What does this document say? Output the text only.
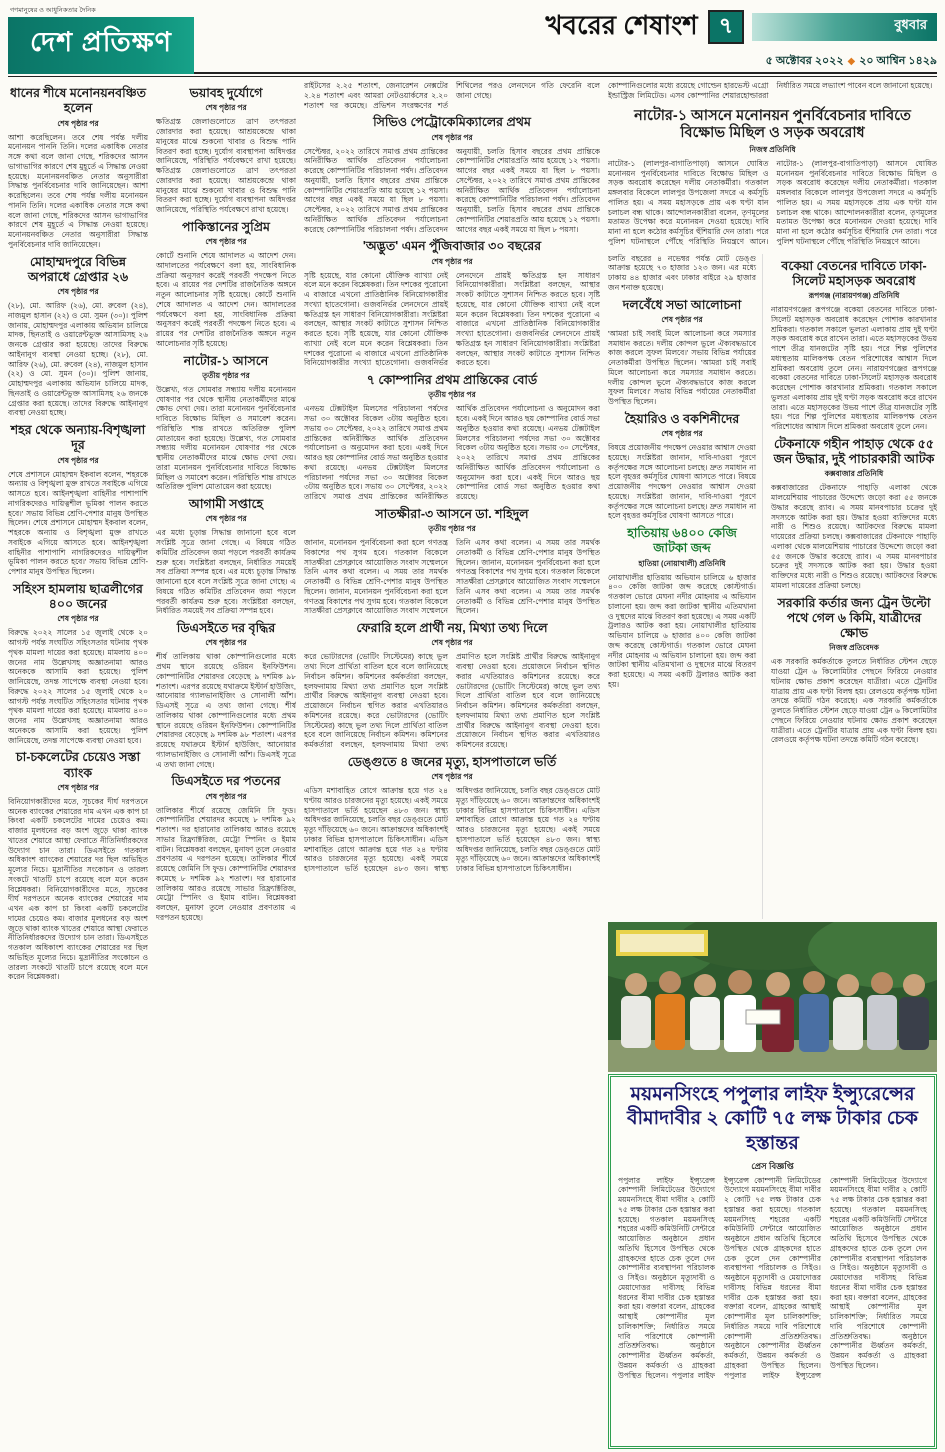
গণমানুষের ও আধুনিকতার দৈনিক
দেশ প্রতিক্ষণ
খবরের শেষাংশ ৭	বুধবার
৫ অক্টোবর ২০২২ ◆ ২০ আশ্বিন ১৪২৯
ধানের শীষে মনোনয়নবঞ্চিত হলেন
শেষ পৃষ্ঠার পর

আশা করেছিলেন। তবে শেষ পর্যন্ত দলীয় মনোনয়ন পাননি তিনি। দলের একাধিক নেতার সঙ্গে কথা বলে জানা গেছে, শরিকদের আসন ভাগাভাগির কারণে শেষ মুহূর্তে এ সিদ্ধান্ত নেওয়া হয়েছে। মনোনয়নবঞ্চিত নেতার অনুসারীরা সিদ্ধান্ত পুনর্বিবেচনার দাবি জানিয়েছেন। আশা করেছিলেন। তবে শেষ পর্যন্ত দলীয় মনোনয়ন পাননি তিনি। দলের একাধিক নেতার সঙ্গে কথা বলে জানা গেছে, শরিকদের আসন ভাগাভাগির কারণে শেষ মুহূর্তে এ সিদ্ধান্ত নেওয়া হয়েছে। মনোনয়নবঞ্চিত নেতার অনুসারীরা সিদ্ধান্ত পুনর্বিবেচনার দাবি জানিয়েছেন।

মোহাম্মদপুরে বিভিন্ন অপরাধে গ্রেপ্তার ২৬
শেষ পৃষ্ঠার পর

(২৮), মো. আরিফ (২৬), মো. রুবেল (২৪), নাজমুল হাসান (২২) ও মো. সুমন (৩০)। পুলিশ জানায়, মোহাম্মদপুর এলাকায় অভিযান চালিয়ে মাদক, ছিনতাই ও ওয়ারেন্টভুক্ত আসামিসহ ২৬ জনকে গ্রেপ্তার করা হয়েছে। তাদের বিরুদ্ধে আইনানুগ ব্যবস্থা নেওয়া হচ্ছে। (২৮), মো. আরিফ (২৬), মো. রুবেল (২৪), নাজমুল হাসান (২২) ও মো. সুমন (৩০)। পুলিশ জানায়, মোহাম্মদপুর এলাকায় অভিযান চালিয়ে মাদক, ছিনতাই ও ওয়ারেন্টভুক্ত আসামিসহ ২৬ জনকে গ্রেপ্তার করা হয়েছে। তাদের বিরুদ্ধে আইনানুগ ব্যবস্থা নেওয়া হচ্ছে।

শহর থেকে অন্যায়-বিশৃঙ্খলা দূর
শেষ পৃষ্ঠার পর

শেষে প্রশাসনে মোহাম্মদ ইকবাল বলেন, 'শহরকে অন্যায় ও বিশৃঙ্খলা মুক্ত রাখতে সবাইকে এগিয়ে আসতে হবে। আইনশৃঙ্খলা বাহিনীর পাশাপাশি নাগরিকদেরও দায়িত্বশীল ভূমিকা পালন করতে হবে।' সভায় বিভিন্ন শ্রেণি-পেশার মানুষ উপস্থিত ছিলেন। শেষে প্রশাসনে মোহাম্মদ ইকবাল বলেন, 'শহরকে অন্যায় ও বিশৃঙ্খলা মুক্ত রাখতে সবাইকে এগিয়ে আসতে হবে। আইনশৃঙ্খলা বাহিনীর পাশাপাশি নাগরিকদেরও দায়িত্বশীল ভূমিকা পালন করতে হবে।' সভায় বিভিন্ন শ্রেণি-পেশার মানুষ উপস্থিত ছিলেন।

সহিংস হামলায় ছাত্রলীগের ৪০০ জনের
শেষ পৃষ্ঠার পর

বিরুদ্ধে ২০২২ সালের ১৫ জুলাই থেকে ২০ আগস্ট পর্যন্ত সংঘটিত সহিংসতার ঘটনায় পৃথক পৃথক মামলা দায়ের করা হয়েছে। মামলায় ৪০০ জনের নাম উল্লেখসহ অজ্ঞাতনামা আরও অনেককে আসামি করা হয়েছে। পুলিশ জানিয়েছে, তদন্ত সাপেক্ষে ব্যবস্থা নেওয়া হবে। বিরুদ্ধে ২০২২ সালের ১৫ জুলাই থেকে ২০ আগস্ট পর্যন্ত সংঘটিত সহিংসতার ঘটনায় পৃথক পৃথক মামলা দায়ের করা হয়েছে। মামলায় ৪০০ জনের নাম উল্লেখসহ অজ্ঞাতনামা আরও অনেককে আসামি করা হয়েছে। পুলিশ জানিয়েছে, তদন্ত সাপেক্ষে ব্যবস্থা নেওয়া হবে।

চা-চকলেটের চেয়েও সস্তা ব্যাংক
শেষ পৃষ্ঠার পর

বিনিয়োগকারীদের মতে, সূচকের দীর্ঘ দরপতনে অনেক ব্যাংকের শেয়ারের দাম এখন এক কাপ চা কিংবা একটি চকলেটের দামের চেয়েও কম। বাজার মূলধনের বড় অংশ জুড়ে থাকা ব্যাংক খাতের শেয়ারে আস্থা ফেরাতে নীতিনির্ধারকদের উদ্যোগ চান তারা। ডিএসইতে গতকাল অধিকাংশ ব্যাংকের শেয়ারের দর ছিল অভিহিত মূল্যের নিচে। মুদ্রানীতির সংকোচন ও তারল্য সংকটে খাতটি চাপে রয়েছে বলে মনে করেন বিশ্লেষকরা। বিনিয়োগকারীদের মতে, সূচকের দীর্ঘ দরপতনে অনেক ব্যাংকের শেয়ারের দাম এখন এক কাপ চা কিংবা একটি চকলেটের দামের চেয়েও কম। বাজার মূলধনের বড় অংশ জুড়ে থাকা ব্যাংক খাতের শেয়ারে আস্থা ফেরাতে নীতিনির্ধারকদের উদ্যোগ চান তারা। ডিএসইতে গতকাল অধিকাংশ ব্যাংকের শেয়ারের দর ছিল অভিহিত মূল্যের নিচে। মুদ্রানীতির সংকোচন ও তারল্য সংকটে খাতটি চাপে রয়েছে বলে মনে করেন বিশ্লেষকরা।

ভয়াবহ দুর্যোগে
শেষ পৃষ্ঠার পর

ক্ষতিগ্রস্ত জেলাগুলোতে ত্রাণ তৎপরতা জোরদার করা হয়েছে। আশ্রয়কেন্দ্রে থাকা মানুষের মাঝে শুকনো খাবার ও বিশুদ্ধ পানি বিতরণ করা হচ্ছে। দুর্যোগ ব্যবস্থাপনা অধিদপ্তর জানিয়েছে, পরিস্থিতি পর্যবেক্ষণে রাখা হয়েছে। ক্ষতিগ্রস্ত জেলাগুলোতে ত্রাণ তৎপরতা জোরদার করা হয়েছে। আশ্রয়কেন্দ্রে থাকা মানুষের মাঝে শুকনো খাবার ও বিশুদ্ধ পানি বিতরণ করা হচ্ছে। দুর্যোগ ব্যবস্থাপনা অধিদপ্তর জানিয়েছে, পরিস্থিতি পর্যবেক্ষণে রাখা হয়েছে।

পাকিস্তানের সুপ্রিম
শেষ পৃষ্ঠার পর

কোর্টে শুনানি শেষে আদালত এ আদেশ দেন। আদালতের পর্যবেক্ষণে বলা হয়, সাংবিধানিক প্রক্রিয়া অনুসরণ করেই পরবর্তী পদক্ষেপ নিতে হবে। এ রায়ের পর দেশটির রাজনৈতিক অঙ্গনে নতুন আলোচনার সৃষ্টি হয়েছে। কোর্টে শুনানি শেষে আদালত এ আদেশ দেন। আদালতের পর্যবেক্ষণে বলা হয়, সাংবিধানিক প্রক্রিয়া অনুসরণ করেই পরবর্তী পদক্ষেপ নিতে হবে। এ রায়ের পর দেশটির রাজনৈতিক অঙ্গনে নতুন আলোচনার সৃষ্টি হয়েছে।

নাটোর-১ আসনে
তৃতীয় পৃষ্ঠার পর

উল্লেখ্য, গত সোমবার সন্ধ্যায় দলীয় মনোনয়ন ঘোষণার পর থেকে স্থানীয় নেতাকর্মীদের মাঝে ক্ষোভ দেখা দেয়। তারা মনোনয়ন পুনর্বিবেচনার দাবিতে বিক্ষোভ মিছিল ও সমাবেশ করেন। পরিস্থিতি শান্ত রাখতে অতিরিক্ত পুলিশ মোতায়েন করা হয়েছে। উল্লেখ্য, গত সোমবার সন্ধ্যায় দলীয় মনোনয়ন ঘোষণার পর থেকে স্থানীয় নেতাকর্মীদের মাঝে ক্ষোভ দেখা দেয়। তারা মনোনয়ন পুনর্বিবেচনার দাবিতে বিক্ষোভ মিছিল ও সমাবেশ করেন। পরিস্থিতি শান্ত রাখতে অতিরিক্ত পুলিশ মোতায়েন করা হয়েছে।

আগামী সপ্তাহে
শেষ পৃষ্ঠার পর

এর মধ্যে চূড়ান্ত সিদ্ধান্ত জানানো হবে বলে সংশ্লিষ্ট সূত্রে জানা গেছে। এ বিষয়ে গঠিত কমিটির প্রতিবেদন জমা পড়লে পরবর্তী কার্যক্রম শুরু হবে। সংশ্লিষ্টরা বলছেন, নির্ধারিত সময়েই সব প্রক্রিয়া সম্পন্ন হবে। এর মধ্যে চূড়ান্ত সিদ্ধান্ত জানানো হবে বলে সংশ্লিষ্ট সূত্রে জানা গেছে। এ বিষয়ে গঠিত কমিটির প্রতিবেদন জমা পড়লে পরবর্তী কার্যক্রম শুরু হবে। সংশ্লিষ্টরা বলছেন, নির্ধারিত সময়েই সব প্রক্রিয়া সম্পন্ন হবে।

ডিএসইতে দর বৃদ্ধির
শেষ পৃষ্ঠার পর

শীর্ষ তালিকায় থাকা কোম্পানিগুলোর মধ্যে প্রথম স্থানে রয়েছে ওরিয়ন ইনফিউশন। কোম্পানিটির শেয়ারদর বেড়েছে ৯ দশমিক ৯৮ শতাংশ। এরপর রয়েছে যথাক্রমে ইস্টার্ন হাউজিং, আনোয়ার গ্যালভানাইজিং ও সোনালী আঁশ। ডিএসই সূত্রে এ তথ্য জানা গেছে। শীর্ষ তালিকায় থাকা কোম্পানিগুলোর মধ্যে প্রথম স্থানে রয়েছে ওরিয়ন ইনফিউশন। কোম্পানিটির শেয়ারদর বেড়েছে ৯ দশমিক ৯৮ শতাংশ। এরপর রয়েছে যথাক্রমে ইস্টার্ন হাউজিং, আনোয়ার গ্যালভানাইজিং ও সোনালী আঁশ। ডিএসই সূত্রে এ তথ্য জানা গেছে।

ডিএসইতে দর পতনের
শেষ পৃষ্ঠার পর

তালিকার শীর্ষে রয়েছে জেমিনি সি ফুড। কোম্পানিটির শেয়ারদর কমেছে ৮ দশমিক ৯২ শতাংশ। দর হারানোর তালিকায় আরও রয়েছে সাভার রিফ্র্যাক্টরিজ, মেট্রো স্পিনিং ও ইমাম বাটন। বিশ্লেষকরা বলছেন, মুনাফা তুলে নেওয়ার প্রবণতায় এ দরপতন হয়েছে। তালিকার শীর্ষে রয়েছে জেমিনি সি ফুড। কোম্পানিটির শেয়ারদর কমেছে ৮ দশমিক ৯২ শতাংশ। দর হারানোর তালিকায় আরও রয়েছে সাভার রিফ্র্যাক্টরিজ, মেট্রো স্পিনিং ও ইমাম বাটন। বিশ্লেষকরা বলছেন, মুনাফা তুলে নেওয়ার প্রবণতায় এ দরপতন হয়েছে।

রাইটসের ২.২৫ শতাংশ, জেনারেশন নেক্সটের ২.২৪ শতাংশ এবং আমরা নেটওয়ার্কসের ২.২০ শতাংশ দর কমেছে। প্রভিশন সংরক্ষণের শর্ত শিথিলের পরও লেনদেনে গতি ফেরেনি বলে জানা গেছে।

সিভিও পেট্রোকেমিক্যালের প্রথম
শেষ পৃষ্ঠার পর

সেপ্টেম্বর, ২০২২ তারিখে সমাপ্ত প্রথম প্রান্তিকের অনিরীক্ষিত আর্থিক প্রতিবেদন পর্যালোচনা করেছে কোম্পানিটির পরিচালনা পর্ষদ। প্রতিবেদন অনুযায়ী, চলতি হিসাব বছরের প্রথম প্রান্তিকে কোম্পানিটির শেয়ারপ্রতি আয় হয়েছে ১২ পয়সা। আগের বছর একই সময়ে যা ছিল ৮ পয়সা। সেপ্টেম্বর, ২০২২ তারিখে সমাপ্ত প্রথম প্রান্তিকের অনিরীক্ষিত আর্থিক প্রতিবেদন পর্যালোচনা করেছে কোম্পানিটির পরিচালনা পর্ষদ। প্রতিবেদন অনুযায়ী, চলতি হিসাব বছরের প্রথম প্রান্তিকে কোম্পানিটির শেয়ারপ্রতি আয় হয়েছে ১২ পয়সা। আগের বছর একই সময়ে যা ছিল ৮ পয়সা। সেপ্টেম্বর, ২০২২ তারিখে সমাপ্ত প্রথম প্রান্তিকের অনিরীক্ষিত আর্থিক প্রতিবেদন পর্যালোচনা করেছে কোম্পানিটির পরিচালনা পর্ষদ। প্রতিবেদন অনুযায়ী, চলতি হিসাব বছরের প্রথম প্রান্তিকে কোম্পানিটির শেয়ারপ্রতি আয় হয়েছে ১২ পয়সা। আগের বছর একই সময়ে যা ছিল ৮ পয়সা।

'অদ্ভুত' এমন পুঁজিবাজার ৩০ বছরের
শেষ পৃষ্ঠার পর

সৃষ্টি হয়েছে, যার কোনো যৌক্তিক ব্যাখ্যা নেই বলে মনে করেন বিশ্লেষকরা। তিন দশকের পুরোনো এ বাজারে এখনো প্রাতিষ্ঠানিক বিনিয়োগকারীর সংখ্যা হাতেগোনা। গুজবনির্ভর লেনদেনে প্রায়ই ক্ষতিগ্রস্ত হন সাধারণ বিনিয়োগকারীরা। সংশ্লিষ্টরা বলছেন, আস্থার সংকট কাটাতে সুশাসন নিশ্চিত করতে হবে। সৃষ্টি হয়েছে, যার কোনো যৌক্তিক ব্যাখ্যা নেই বলে মনে করেন বিশ্লেষকরা। তিন দশকের পুরোনো এ বাজারে এখনো প্রাতিষ্ঠানিক বিনিয়োগকারীর সংখ্যা হাতেগোনা। গুজবনির্ভর লেনদেনে প্রায়ই ক্ষতিগ্রস্ত হন সাধারণ বিনিয়োগকারীরা। সংশ্লিষ্টরা বলছেন, আস্থার সংকট কাটাতে সুশাসন নিশ্চিত করতে হবে। সৃষ্টি হয়েছে, যার কোনো যৌক্তিক ব্যাখ্যা নেই বলে মনে করেন বিশ্লেষকরা। তিন দশকের পুরোনো এ বাজারে এখনো প্রাতিষ্ঠানিক বিনিয়োগকারীর সংখ্যা হাতেগোনা। গুজবনির্ভর লেনদেনে প্রায়ই ক্ষতিগ্রস্ত হন সাধারণ বিনিয়োগকারীরা। সংশ্লিষ্টরা বলছেন, আস্থার সংকট কাটাতে সুশাসন নিশ্চিত করতে হবে।

৭ কোম্পানির প্রথম প্রান্তিকের বোর্ড
তৃতীয় পৃষ্ঠার পর

এনভয় টেক্সটাইল মিলসের পরিচালনা পর্ষদের সভা ৩০ অক্টোবর বিকেল ৩টায় অনুষ্ঠিত হবে। সভায় ৩০ সেপ্টেম্বর, ২০২২ তারিখে সমাপ্ত প্রথম প্রান্তিকের অনিরীক্ষিত আর্থিক প্রতিবেদন পর্যালোচনা ও অনুমোদন করা হবে। একই দিনে আরও ছয় কোম্পানির বোর্ড সভা অনুষ্ঠিত হওয়ার কথা রয়েছে। এনভয় টেক্সটাইল মিলসের পরিচালনা পর্ষদের সভা ৩০ অক্টোবর বিকেল ৩টায় অনুষ্ঠিত হবে। সভায় ৩০ সেপ্টেম্বর, ২০২২ তারিখে সমাপ্ত প্রথম প্রান্তিকের অনিরীক্ষিত আর্থিক প্রতিবেদন পর্যালোচনা ও অনুমোদন করা হবে। একই দিনে আরও ছয় কোম্পানির বোর্ড সভা অনুষ্ঠিত হওয়ার কথা রয়েছে। এনভয় টেক্সটাইল মিলসের পরিচালনা পর্ষদের সভা ৩০ অক্টোবর বিকেল ৩টায় অনুষ্ঠিত হবে। সভায় ৩০ সেপ্টেম্বর, ২০২২ তারিখে সমাপ্ত প্রথম প্রান্তিকের অনিরীক্ষিত আর্থিক প্রতিবেদন পর্যালোচনা ও অনুমোদন করা হবে। একই দিনে আরও ছয় কোম্পানির বোর্ড সভা অনুষ্ঠিত হওয়ার কথা রয়েছে।

সাতক্ষীরা-৩ আসনে ডা. শহিদুল
তৃতীয় পৃষ্ঠার পর

জানান, মনোনয়ন পুনর্বিবেচনা করা হলে গণতন্ত্র বিকাশের পথ সুগম হবে। গতকাল বিকেলে সাতক্ষীরা প্রেসক্লাবে আয়োজিত সংবাদ সম্মেলনে তিনি এসব কথা বলেন। এ সময় তার সমর্থক নেতাকর্মী ও বিভিন্ন শ্রেণি-পেশার মানুষ উপস্থিত ছিলেন। জানান, মনোনয়ন পুনর্বিবেচনা করা হলে গণতন্ত্র বিকাশের পথ সুগম হবে। গতকাল বিকেলে সাতক্ষীরা প্রেসক্লাবে আয়োজিত সংবাদ সম্মেলনে তিনি এসব কথা বলেন। এ সময় তার সমর্থক নেতাকর্মী ও বিভিন্ন শ্রেণি-পেশার মানুষ উপস্থিত ছিলেন। জানান, মনোনয়ন পুনর্বিবেচনা করা হলে গণতন্ত্র বিকাশের পথ সুগম হবে। গতকাল বিকেলে সাতক্ষীরা প্রেসক্লাবে আয়োজিত সংবাদ সম্মেলনে তিনি এসব কথা বলেন। এ সময় তার সমর্থক নেতাকর্মী ও বিভিন্ন শ্রেণি-পেশার মানুষ উপস্থিত ছিলেন।

ফেরারি হলে প্রার্থী নয়, মিথ্যা তথ্য দিলে
শেষ পৃষ্ঠার পর

করে ভোটারদের (ভোটিং সিস্টেমের) কাছে ভুল তথ্য দিলে প্রার্থিতা বাতিল হবে বলে জানিয়েছে নির্বাচন কমিশন। কমিশনের কর্মকর্তারা বলছেন, হলফনামায় মিথ্যা তথ্য প্রমাণিত হলে সংশ্লিষ্ট প্রার্থীর বিরুদ্ধে আইনানুগ ব্যবস্থা নেওয়া হবে। প্রয়োজনে নির্বাচন স্থগিত করার এখতিয়ারও কমিশনের রয়েছে। করে ভোটারদের (ভোটিং সিস্টেমের) কাছে ভুল তথ্য দিলে প্রার্থিতা বাতিল হবে বলে জানিয়েছে নির্বাচন কমিশন। কমিশনের কর্মকর্তারা বলছেন, হলফনামায় মিথ্যা তথ্য প্রমাণিত হলে সংশ্লিষ্ট প্রার্থীর বিরুদ্ধে আইনানুগ ব্যবস্থা নেওয়া হবে। প্রয়োজনে নির্বাচন স্থগিত করার এখতিয়ারও কমিশনের রয়েছে। করে ভোটারদের (ভোটিং সিস্টেমের) কাছে ভুল তথ্য দিলে প্রার্থিতা বাতিল হবে বলে জানিয়েছে নির্বাচন কমিশন। কমিশনের কর্মকর্তারা বলছেন, হলফনামায় মিথ্যা তথ্য প্রমাণিত হলে সংশ্লিষ্ট প্রার্থীর বিরুদ্ধে আইনানুগ ব্যবস্থা নেওয়া হবে। প্রয়োজনে নির্বাচন স্থগিত করার এখতিয়ারও কমিশনের রয়েছে।

ডেঙ্গুতে ৪ জনের মৃত্যু, হাসপাতালে ভর্তি
শেষ পৃষ্ঠার পর

এডিস মশাবাহিত রোগে আক্রান্ত হয়ে গত ২৪ ঘণ্টায় আরও চারজনের মৃত্যু হয়েছে। একই সময়ে হাসপাতালে ভর্তি হয়েছেন ৪৮৩ জন। স্বাস্থ্য অধিদপ্তর জানিয়েছে, চলতি বছর ডেঙ্গুতে মোট মৃত্যু দাঁড়িয়েছে ৬০ জনে। আক্রান্তদের অধিকাংশই ঢাকার বিভিন্ন হাসপাতালে চিকিৎসাধীন। এডিস মশাবাহিত রোগে আক্রান্ত হয়ে গত ২৪ ঘণ্টায় আরও চারজনের মৃত্যু হয়েছে। একই সময়ে হাসপাতালে ভর্তি হয়েছেন ৪৮৩ জন। স্বাস্থ্য অধিদপ্তর জানিয়েছে, চলতি বছর ডেঙ্গুতে মোট মৃত্যু দাঁড়িয়েছে ৬০ জনে। আক্রান্তদের অধিকাংশই ঢাকার বিভিন্ন হাসপাতালে চিকিৎসাধীন। এডিস মশাবাহিত রোগে আক্রান্ত হয়ে গত ২৪ ঘণ্টায় আরও চারজনের মৃত্যু হয়েছে। একই সময়ে হাসপাতালে ভর্তি হয়েছেন ৪৮৩ জন। স্বাস্থ্য অধিদপ্তর জানিয়েছে, চলতি বছর ডেঙ্গুতে মোট মৃত্যু দাঁড়িয়েছে ৬০ জনে। আক্রান্তদের অধিকাংশই ঢাকার বিভিন্ন হাসপাতালে চিকিৎসাধীন।

কোম্পানিগুলোর মধ্যে রয়েছে গোল্ডেন হারভেস্ট এগ্রো ইন্ডাস্ট্রিজ লিমিটেড। এসব কোম্পানির শেয়ারহোল্ডাররা নির্ধারিত সময়ে লভ্যাংশ পাবেন বলে জানানো হয়েছে।

নাটোর-১ আসনে মনোনয়ন পুনর্বিবেচনার দাবিতে বিক্ষোভ মিছিল ও সড়ক অবরোধ
নিজস্ব প্রতিনিধি

নাটোর-১ (লালপুর-বাগাতিপাড়া) আসনে ঘোষিত মনোনয়ন পুনর্বিবেচনার দাবিতে বিক্ষোভ মিছিল ও সড়ক অবরোধ করেছেন দলীয় নেতাকর্মীরা। গতকাল মঙ্গলবার বিকেলে লালপুর উপজেলা সদরে এ কর্মসূচি পালিত হয়। এ সময় মহাসড়কে প্রায় এক ঘণ্টা যান চলাচল বন্ধ থাকে। আন্দোলনকারীরা বলেন, তৃণমূলের মতামত উপেক্ষা করে মনোনয়ন দেওয়া হয়েছে। দাবি মানা না হলে কঠোর কর্মসূচির হুঁশিয়ারি দেন তারা। পরে পুলিশ ঘটনাস্থলে পৌঁছে পরিস্থিতি নিয়ন্ত্রণে আনে। নাটোর-১ (লালপুর-বাগাতিপাড়া) আসনে ঘোষিত মনোনয়ন পুনর্বিবেচনার দাবিতে বিক্ষোভ মিছিল ও সড়ক অবরোধ করেছেন দলীয় নেতাকর্মীরা। গতকাল মঙ্গলবার বিকেলে লালপুর উপজেলা সদরে এ কর্মসূচি পালিত হয়। এ সময় মহাসড়কে প্রায় এক ঘণ্টা যান চলাচল বন্ধ থাকে। আন্দোলনকারীরা বলেন, তৃণমূলের মতামত উপেক্ষা করে মনোনয়ন দেওয়া হয়েছে। দাবি মানা না হলে কঠোর কর্মসূচির হুঁশিয়ারি দেন তারা। পরে পুলিশ ঘটনাস্থলে পৌঁছে পরিস্থিতি নিয়ন্ত্রণে আনে।

চলতি বছরের ৪ নভেম্বর পর্যন্ত মোট ডেঙ্গু আক্রান্ত হয়েছে ৭৩ হাজার ১২৩ জন। এর মধ্যে ঢাকায় ৪৪ হাজার এবং ঢাকার বাইরে ২৯ হাজার জন শনাক্ত হয়েছে।

দলবেঁধে সভা আলোচনা
শেষ পৃষ্ঠার পর

'আমরা চাই সবাই মিলে আলোচনা করে সমস্যার সমাধান করতে। দলীয় কোন্দল ভুলে ঐক্যবদ্ধভাবে কাজ করলে সুফল মিলবে।' সভায় বিভিন্ন পর্যায়ের নেতাকর্মীরা উপস্থিত ছিলেন। 'আমরা চাই সবাই মিলে আলোচনা করে সমস্যার সমাধান করতে। দলীয় কোন্দল ভুলে ঐক্যবদ্ধভাবে কাজ করলে সুফল মিলবে।' সভায় বিভিন্ন পর্যায়ের নেতাকর্মীরা উপস্থিত ছিলেন।

হৈয়ারিও ও বকশিনীদের
শেষ পৃষ্ঠার পর

বিষয়ে প্রয়োজনীয় পদক্ষেপ নেওয়ার আশ্বাস দেওয়া হয়েছে। সংশ্লিষ্টরা জানান, দাবি-দাওয়া পূরণে কর্তৃপক্ষের সঙ্গে আলোচনা চলছে। দ্রুত সমাধান না হলে বৃহত্তর কর্মসূচির ঘোষণা আসতে পারে। বিষয়ে প্রয়োজনীয় পদক্ষেপ নেওয়ার আশ্বাস দেওয়া হয়েছে। সংশ্লিষ্টরা জানান, দাবি-দাওয়া পূরণে কর্তৃপক্ষের সঙ্গে আলোচনা চলছে। দ্রুত সমাধান না হলে বৃহত্তর কর্মসূচির ঘোষণা আসতে পারে।

হাতিয়ায় ৬৪০০ কেজি জাটকা জব্দ
হাতিয়া (নোয়াখালী) প্রতিনিধি

নোয়াখালীর হাতিয়ায় অভিযান চালিয়ে ৬ হাজার ৪০০ কেজি জাটকা জব্দ করেছে কোস্টগার্ড। গতকাল ভোরে মেঘনা নদীর মোহনায় এ অভিযান চালানো হয়। জব্দ করা জাটকা স্থানীয় এতিমখানা ও দুস্থদের মাঝে বিতরণ করা হয়েছে। এ সময় একটি ট্রলারও আটক করা হয়। নোয়াখালীর হাতিয়ায় অভিযান চালিয়ে ৬ হাজার ৪০০ কেজি জাটকা জব্দ করেছে কোস্টগার্ড। গতকাল ভোরে মেঘনা নদীর মোহনায় এ অভিযান চালানো হয়। জব্দ করা জাটকা স্থানীয় এতিমখানা ও দুস্থদের মাঝে বিতরণ করা হয়েছে। এ সময় একটি ট্রলারও আটক করা হয়।

বকেয়া বেতনের দাবিতে ঢাকা-সিলেট মহাসড়ক অবরোধ
রূপগঞ্জ (নারায়ণগঞ্জ) প্রতিনিধি

নারায়ণগঞ্জের রূপগঞ্জে বকেয়া বেতনের দাবিতে ঢাকা-সিলেট মহাসড়ক অবরোধ করেছেন পোশাক কারখানার শ্রমিকরা। গতকাল সকালে ভুলতা এলাকায় প্রায় দুই ঘণ্টা সড়ক অবরোধ করে রাখেন তারা। এতে মহাসড়কের উভয় পাশে তীব্র যানজটের সৃষ্টি হয়। পরে শিল্প পুলিশের মধ্যস্থতায় মালিকপক্ষ বেতন পরিশোধের আশ্বাস দিলে শ্রমিকরা অবরোধ তুলে নেন। নারায়ণগঞ্জের রূপগঞ্জে বকেয়া বেতনের দাবিতে ঢাকা-সিলেট মহাসড়ক অবরোধ করেছেন পোশাক কারখানার শ্রমিকরা। গতকাল সকালে ভুলতা এলাকায় প্রায় দুই ঘণ্টা সড়ক অবরোধ করে রাখেন তারা। এতে মহাসড়কের উভয় পাশে তীব্র যানজটের সৃষ্টি হয়। পরে শিল্প পুলিশের মধ্যস্থতায় মালিকপক্ষ বেতন পরিশোধের আশ্বাস দিলে শ্রমিকরা অবরোধ তুলে নেন।

টেকনাফে গহীন পাহাড় থেকে ৫৫ জন উদ্ধার, দুই পাচারকারী আটক
কক্সবাজার প্রতিনিধি

কক্সবাজারের টেকনাফে পাহাড়ি এলাকা থেকে মালয়েশিয়ায় পাচারের উদ্দেশ্যে জড়ো করা ৫৫ জনকে উদ্ধার করেছে র‌্যাব। এ সময় মানবপাচার চক্রের দুই সদস্যকে আটক করা হয়। উদ্ধার হওয়া ব্যক্তিদের মধ্যে নারী ও শিশুও রয়েছে। আটকদের বিরুদ্ধে মামলা দায়েরের প্রক্রিয়া চলছে। কক্সবাজারের টেকনাফে পাহাড়ি এলাকা থেকে মালয়েশিয়ায় পাচারের উদ্দেশ্যে জড়ো করা ৫৫ জনকে উদ্ধার করেছে র‌্যাব। এ সময় মানবপাচার চক্রের দুই সদস্যকে আটক করা হয়। উদ্ধার হওয়া ব্যক্তিদের মধ্যে নারী ও শিশুও রয়েছে। আটকদের বিরুদ্ধে মামলা দায়েরের প্রক্রিয়া চলছে।

সরকারি কর্তার জন্য ট্রেন উল্টো পথে গেল ৬ কিমি, যাত্রীদের ক্ষোভ
নিজস্ব প্রতিবেদক

এক সরকারি কর্মকর্তাকে তুলতে নির্ধারিত স্টেশন ছেড়ে যাওয়া ট্রেন ৬ কিলোমিটার পেছনে ফিরিয়ে নেওয়ার ঘটনায় ক্ষোভ প্রকাশ করেছেন যাত্রীরা। এতে ট্রেনটির যাত্রায় প্রায় এক ঘণ্টা বিলম্ব হয়। রেলওয়ে কর্তৃপক্ষ ঘটনা তদন্তে কমিটি গঠন করেছে। এক সরকারি কর্মকর্তাকে তুলতে নির্ধারিত স্টেশন ছেড়ে যাওয়া ট্রেন ৬ কিলোমিটার পেছনে ফিরিয়ে নেওয়ার ঘটনায় ক্ষোভ প্রকাশ করেছেন যাত্রীরা। এতে ট্রেনটির যাত্রায় প্রায় এক ঘণ্টা বিলম্ব হয়। রেলওয়ে কর্তৃপক্ষ ঘটনা তদন্তে কমিটি গঠন করেছে।

ময়মনসিংহে পপুলার লাইফ ইন্স্যুরেন্সের বীমাদাবীর ২ কোটি ৭৫ লক্ষ টাকার চেক হস্তান্তর
প্রেস বিজ্ঞপ্তি

পপুলার লাইফ ইন্স্যুরেন্স কোম্পানী লিমিটেডের উদ্যোগে ময়মনসিংহে বীমা দাবীর ২ কোটি ৭৫ লক্ষ টাকার চেক হস্তান্তর করা হয়েছে। গতকাল ময়মনসিংহ শহরের একটি কমিউনিটি সেন্টারে আয়োজিত অনুষ্ঠানে প্রধান অতিথি হিসেবে উপস্থিত থেকে গ্রাহকদের হাতে চেক তুলে দেন কোম্পানীর ব্যবস্থাপনা পরিচালক ও সিইও। অনুষ্ঠানে মৃত্যুদাবী ও মেয়াদোত্তর দাবীসহ বিভিন্ন ধরনের বীমা দাবীর চেক হস্তান্তর করা হয়। বক্তারা বলেন, গ্রাহকের আস্থাই কোম্পানীর মূল চালিকাশক্তি; নির্ধারিত সময়ে দাবি পরিশোধে কোম্পানী প্রতিশ্রুতিবদ্ধ। অনুষ্ঠানে কোম্পানীর ঊর্ধ্বতন কর্মকর্তা, উন্নয়ন কর্মকর্তা ও গ্রাহকরা উপস্থিত ছিলেন। পপুলার লাইফ ইন্স্যুরেন্স কোম্পানী লিমিটেডের উদ্যোগে ময়মনসিংহে বীমা দাবীর ২ কোটি ৭৫ লক্ষ টাকার চেক হস্তান্তর করা হয়েছে। গতকাল ময়মনসিংহ শহরের একটি কমিউনিটি সেন্টারে আয়োজিত অনুষ্ঠানে প্রধান অতিথি হিসেবে উপস্থিত থেকে গ্রাহকদের হাতে চেক তুলে দেন কোম্পানীর ব্যবস্থাপনা পরিচালক ও সিইও। অনুষ্ঠানে মৃত্যুদাবী ও মেয়াদোত্তর দাবীসহ বিভিন্ন ধরনের বীমা দাবীর চেক হস্তান্তর করা হয়। বক্তারা বলেন, গ্রাহকের আস্থাই কোম্পানীর মূল চালিকাশক্তি; নির্ধারিত সময়ে দাবি পরিশোধে কোম্পানী প্রতিশ্রুতিবদ্ধ। অনুষ্ঠানে কোম্পানীর ঊর্ধ্বতন কর্মকর্তা, উন্নয়ন কর্মকর্তা ও গ্রাহকরা উপস্থিত ছিলেন। পপুলার লাইফ ইন্স্যুরেন্স কোম্পানী লিমিটেডের উদ্যোগে ময়মনসিংহে বীমা দাবীর ২ কোটি ৭৫ লক্ষ টাকার চেক হস্তান্তর করা হয়েছে। গতকাল ময়মনসিংহ শহরের একটি কমিউনিটি সেন্টারে আয়োজিত অনুষ্ঠানে প্রধান অতিথি হিসেবে উপস্থিত থেকে গ্রাহকদের হাতে চেক তুলে দেন কোম্পানীর ব্যবস্থাপনা পরিচালক ও সিইও। অনুষ্ঠানে মৃত্যুদাবী ও মেয়াদোত্তর দাবীসহ বিভিন্ন ধরনের বীমা দাবীর চেক হস্তান্তর করা হয়। বক্তারা বলেন, গ্রাহকের আস্থাই কোম্পানীর মূল চালিকাশক্তি; নির্ধারিত সময়ে দাবি পরিশোধে কোম্পানী প্রতিশ্রুতিবদ্ধ। অনুষ্ঠানে কোম্পানীর ঊর্ধ্বতন কর্মকর্তা, উন্নয়ন কর্মকর্তা ও গ্রাহকরা উপস্থিত ছিলেন।
